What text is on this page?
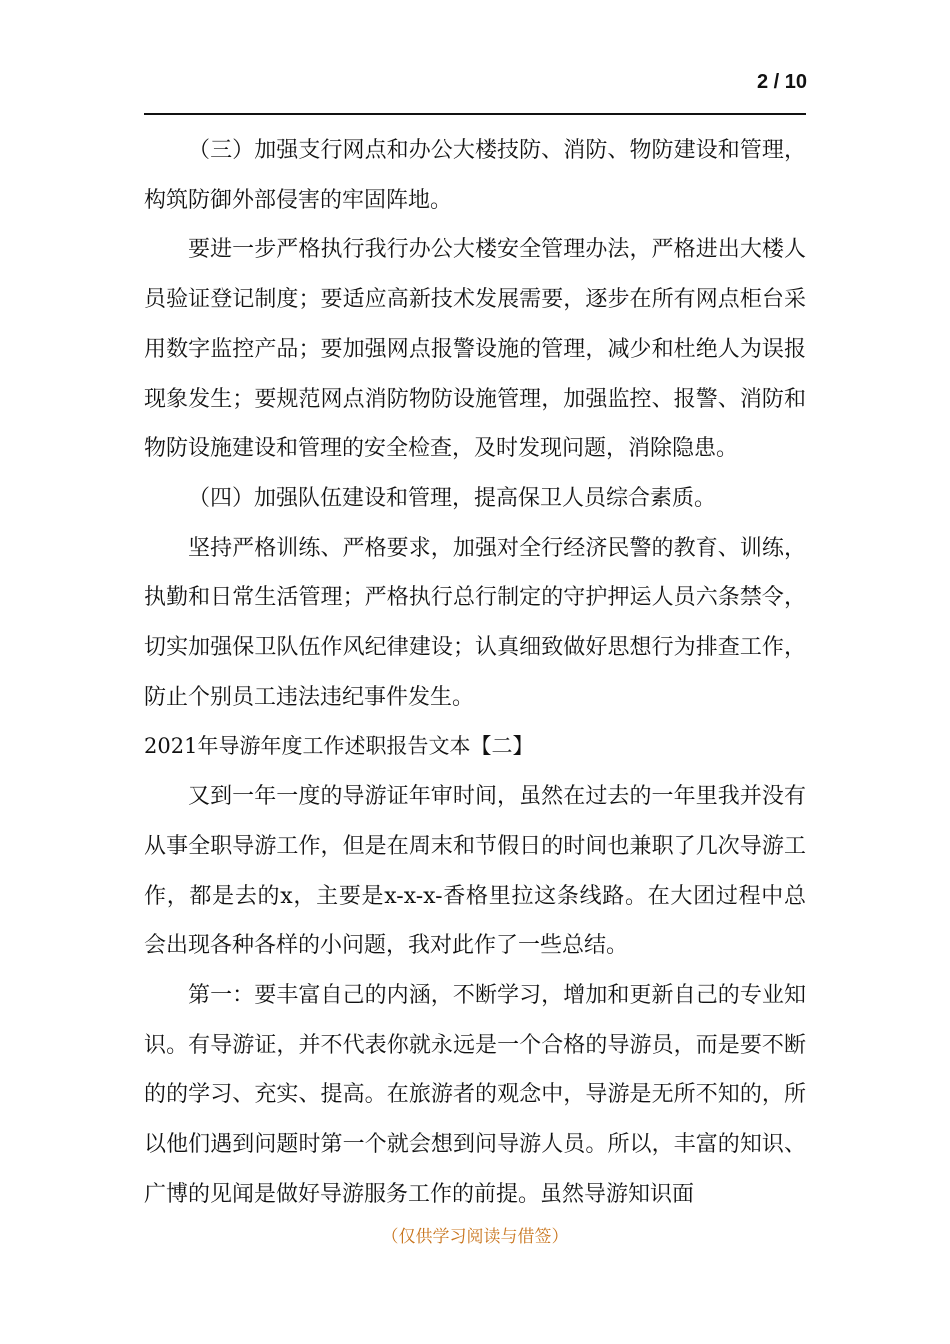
2 / 10

（三）加强支行网点和办公大楼技防、消防、物防建设和管理，构筑防御外部侵害的牢固阵地。

要进一步严格执行我行办公大楼安全管理办法，严格进出大楼人员验证登记制度；要适应高新技术发展需要，逐步在所有网点柜台采用数字监控产品；要加强网点报警设施的管理，减少和杜绝人为误报现象发生；要规范网点消防物防设施管理，加强监控、报警、消防和物防设施建设和管理的安全检查，及时发现问题，消除隐患。

（四）加强队伍建设和管理，提高保卫人员综合素质。

坚持严格训练、严格要求，加强对全行经济民警的教育、训练，执勤和日常生活管理；严格执行总行制定的守护押运人员六条禁令，切实加强保卫队伍作风纪律建设；认真细致做好思想行为排查工作，防止个别员工违法违纪事件发生。

2021年导游年度工作述职报告文本【二】

又到一年一度的导游证年审时间，虽然在过去的一年里我并没有从事全职导游工作，但是在周末和节假日的时间也兼职了几次导游工作，都是去的x，主要是x-x-x-香格里拉这条线路。在大团过程中总会出现各种各样的小问题，我对此作了一些总结。

第一：要丰富自己的内涵，不断学习，增加和更新自己的专业知识。有导游证，并不代表你就永远是一个合格的导游员，而是要不断的的学习、充实、提高。在旅游者的观念中，导游是无所不知的，所以他们遇到问题时第一个就会想到问导游人员。所以，丰富的知识、广博的见闻是做好导游服务工作的前提。虽然导游知识面

（仅供学习阅读与借签）
